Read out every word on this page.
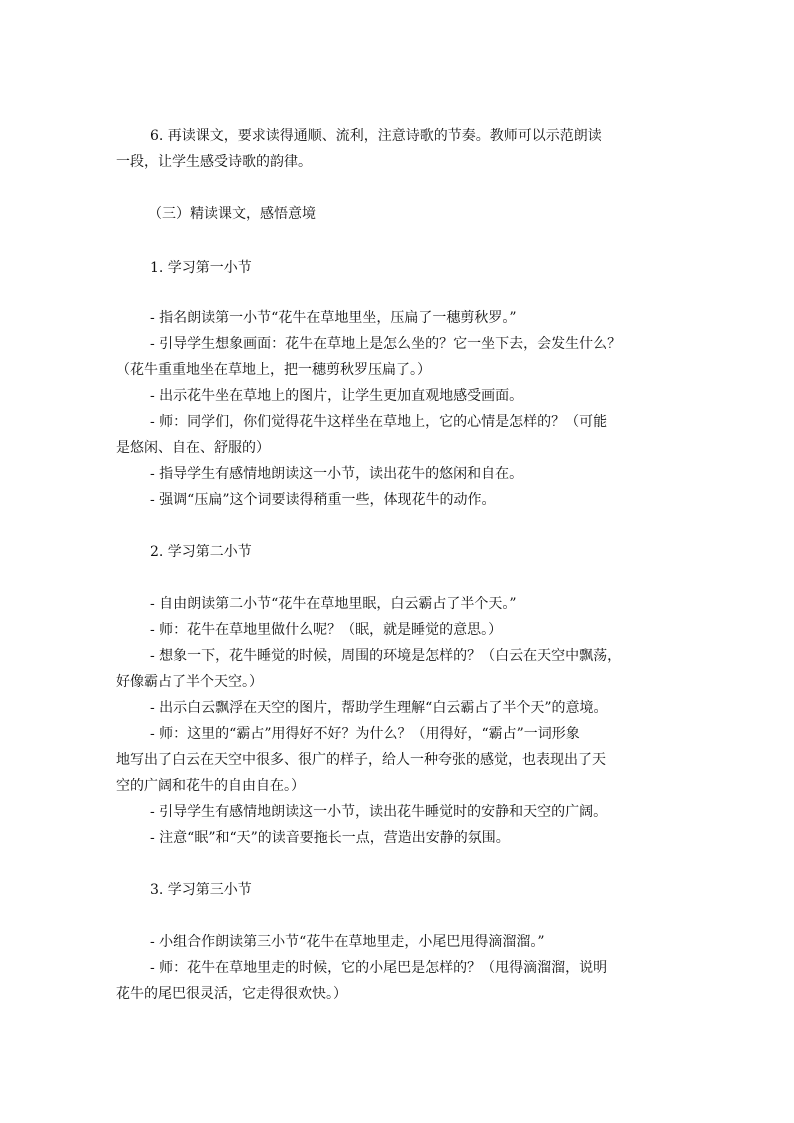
6. 再读课文，要求读得通顺、流利，注意诗歌的节奏。教师可以示范朗读
一段，让学生感受诗歌的韵律。
（三）精读课文，感悟意境
1. 学习第一小节
- 指名朗读第一小节“花牛在草地里坐，压扁了一穗剪秋罗。”
- 引导学生想象画面：花牛在草地上是怎么坐的？它一坐下去，会发生什么？
（花牛重重地坐在草地上，把一穗剪秋罗压扁了。）
- 出示花牛坐在草地上的图片，让学生更加直观地感受画面。
- 师：同学们，你们觉得花牛这样坐在草地上，它的心情是怎样的？（可能
是悠闲、自在、舒服的）
- 指导学生有感情地朗读这一小节，读出花牛的悠闲和自在。
- 强调“压扁”这个词要读得稍重一些，体现花牛的动作。
2. 学习第二小节
- 自由朗读第二小节“花牛在草地里眠，白云霸占了半个天。”
- 师：花牛在草地里做什么呢？（眠，就是睡觉的意思。）
- 想象一下，花牛睡觉的时候，周围的环境是怎样的？（白云在天空中飘荡，
好像霸占了半个天空。）
- 出示白云飘浮在天空的图片，帮助学生理解“白云霸占了半个天”的意境。
- 师：这里的“霸占”用得好不好？为什么？（用得好，“霸占”一词形象
地写出了白云在天空中很多、很广的样子，给人一种夸张的感觉，也表现出了天
空的广阔和花牛的自由自在。）
- 引导学生有感情地朗读这一小节，读出花牛睡觉时的安静和天空的广阔。
- 注意“眠”和“天”的读音要拖长一点，营造出安静的氛围。
3. 学习第三小节
- 小组合作朗读第三小节“花牛在草地里走，小尾巴甩得滴溜溜。”
- 师：花牛在草地里走的时候，它的小尾巴是怎样的？（甩得滴溜溜，说明
花牛的尾巴很灵活，它走得很欢快。）
